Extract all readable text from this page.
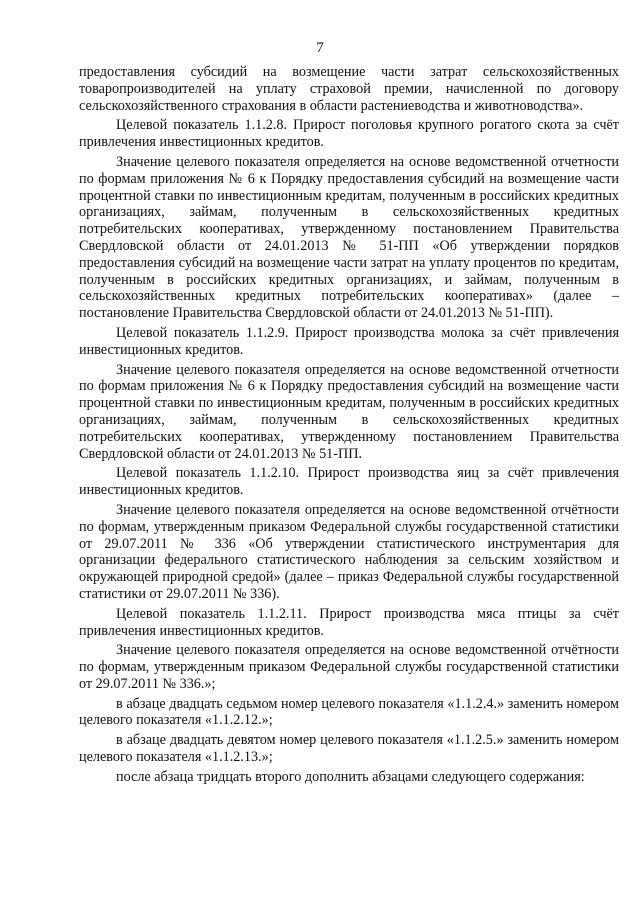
7

предоставления субсидий на возмещение части затрат сельскохозяйственных товаропроизводителей на уплату страховой премии, начисленной по договору сельскохозяйственного страхования в области растениеводства и животноводства».

Целевой показатель 1.1.2.8. Прирост поголовья крупного рогатого скота за счёт привлечения инвестиционных кредитов.

Значение целевого показателя определяется на основе ведомственной отчетности по формам приложения № 6 к Порядку предоставления субсидий на возмещение части процентной ставки по инвестиционным кредитам, полученным в российских кредитных организациях, займам, полученным в сельскохозяйственных кредитных потребительских кооперативах, утвержденному постановлением Правительства Свердловской области от 24.01.2013 № 51-ПП «Об утверждении порядков предоставления субсидий на возмещение части затрат на уплату процентов по кредитам, полученным в российских кредитных организациях, и займам, полученным в сельскохозяйственных кредитных потребительских кооперативах» (далее – постановление Правительства Свердловской области от 24.01.2013 № 51-ПП).

Целевой показатель 1.1.2.9. Прирост производства молока за счёт привлечения инвестиционных кредитов.

Значение целевого показателя определяется на основе ведомственной отчетности по формам приложения № 6 к Порядку предоставления субсидий на возмещение части процентной ставки по инвестиционным кредитам, полученным в российских кредитных организациях, займам, полученным в сельскохозяйственных кредитных потребительских кооперативах, утвержденному постановлением Правительства Свердловской области от 24.01.2013 № 51-ПП.

Целевой показатель 1.1.2.10. Прирост производства яиц за счёт привлечения инвестиционных кредитов.

Значение целевого показателя определяется на основе ведомственной отчётности по формам, утвержденным приказом Федеральной службы государственной статистики от 29.07.2011 № 336 «Об утверждении статистического инструментария для организации федерального статистического наблюдения за сельским хозяйством и окружающей природной средой» (далее – приказ Федеральной службы государственной статистики от 29.07.2011 № 336).

Целевой показатель 1.1.2.11. Прирост производства мяса птицы за счёт привлечения инвестиционных кредитов.

Значение целевого показателя определяется на основе ведомственной отчётности по формам, утвержденным приказом Федеральной службы государственной статистики от 29.07.2011 № 336.»;

в абзаце двадцать седьмом номер целевого показателя «1.1.2.4.» заменить номером целевого показателя «1.1.2.12.»;

в абзаце двадцать девятом номер целевого показателя «1.1.2.5.» заменить номером целевого показателя «1.1.2.13.»;

после абзаца тридцать второго дополнить абзацами следующего содержания:
